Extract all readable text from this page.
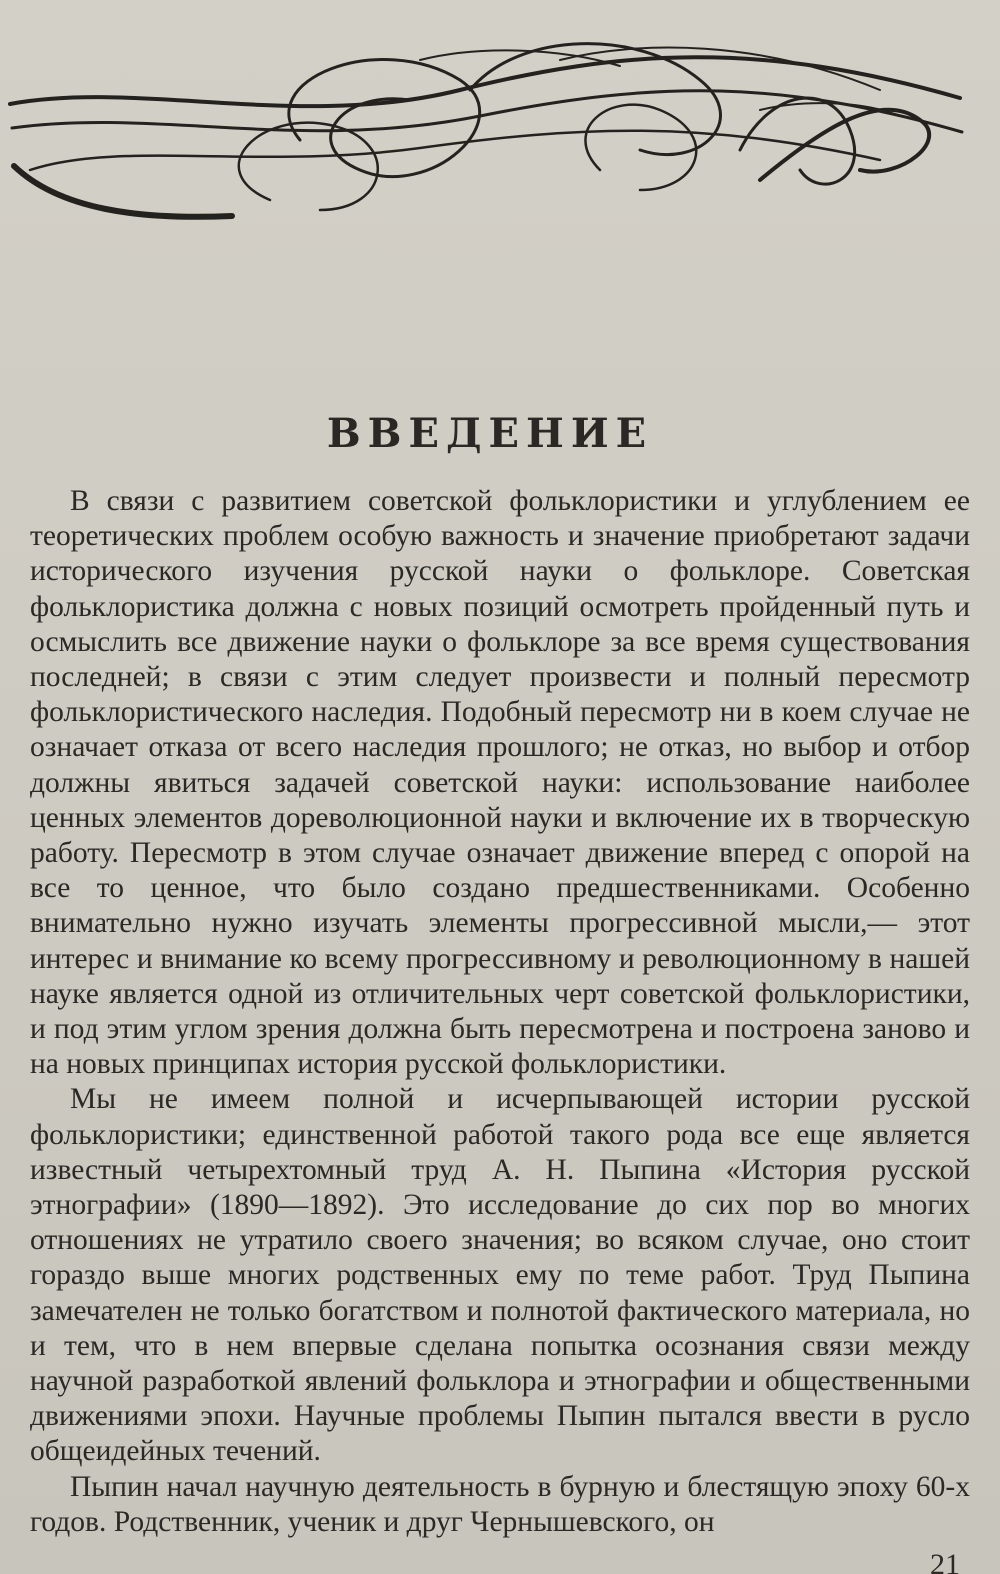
ВВЕДЕНИЕ

В связи с развитием советской фольклористики и углублением ее теоретических проблем особую важность и значение приобретают задачи исторического изучения русской науки о фольклоре. Советская фольклористика должна с новых позиций осмотреть пройденный путь и осмыслить все движение науки о фольклоре за все время существования последней; в связи с этим следует произвести и полный пересмотр фольклористического наследия. Подобный пересмотр ни в коем случае не означает отказа от всего наследия прошлого; не отказ, но выбор и отбор должны явиться задачей советской науки: использование наиболее ценных элементов дореволюционной науки и включение их в творческую работу. Пересмотр в этом случае означает движение вперед с опорой на все то ценное, что было создано предшественниками. Особенно внимательно нужно изучать элементы прогрессивной мысли,— этот интерес и внимание ко всему прогрессивному и революционному в нашей науке является одной из отличительных черт советской фольклористики, и под этим углом зрения должна быть пересмотрена и построена заново и на новых принципах история русской фольклористики.

Мы не имеем полной и исчерпывающей истории русской фольклористики; единственной работой такого рода все еще является известный четырехтомный труд А. Н. Пыпина «История русской этнографии» (1890—1892). Это исследование до сих пор во многих отношениях не утратило своего значения; во всяком случае, оно стоит гораздо выше многих родственных ему по теме работ. Труд Пыпина замечателен не только богатством и полнотой фактического материала, но и тем, что в нем впервые сделана попытка осознания связи между научной разработкой явлений фольклора и этнографии и общественными движениями эпохи. Научные проблемы Пыпин пытался ввести в русло общеидейных течений.

Пыпин начал научную деятельность в бурную и блестящую эпоху 60-х годов. Родственник, ученик и друг Чернышевского, он

21
